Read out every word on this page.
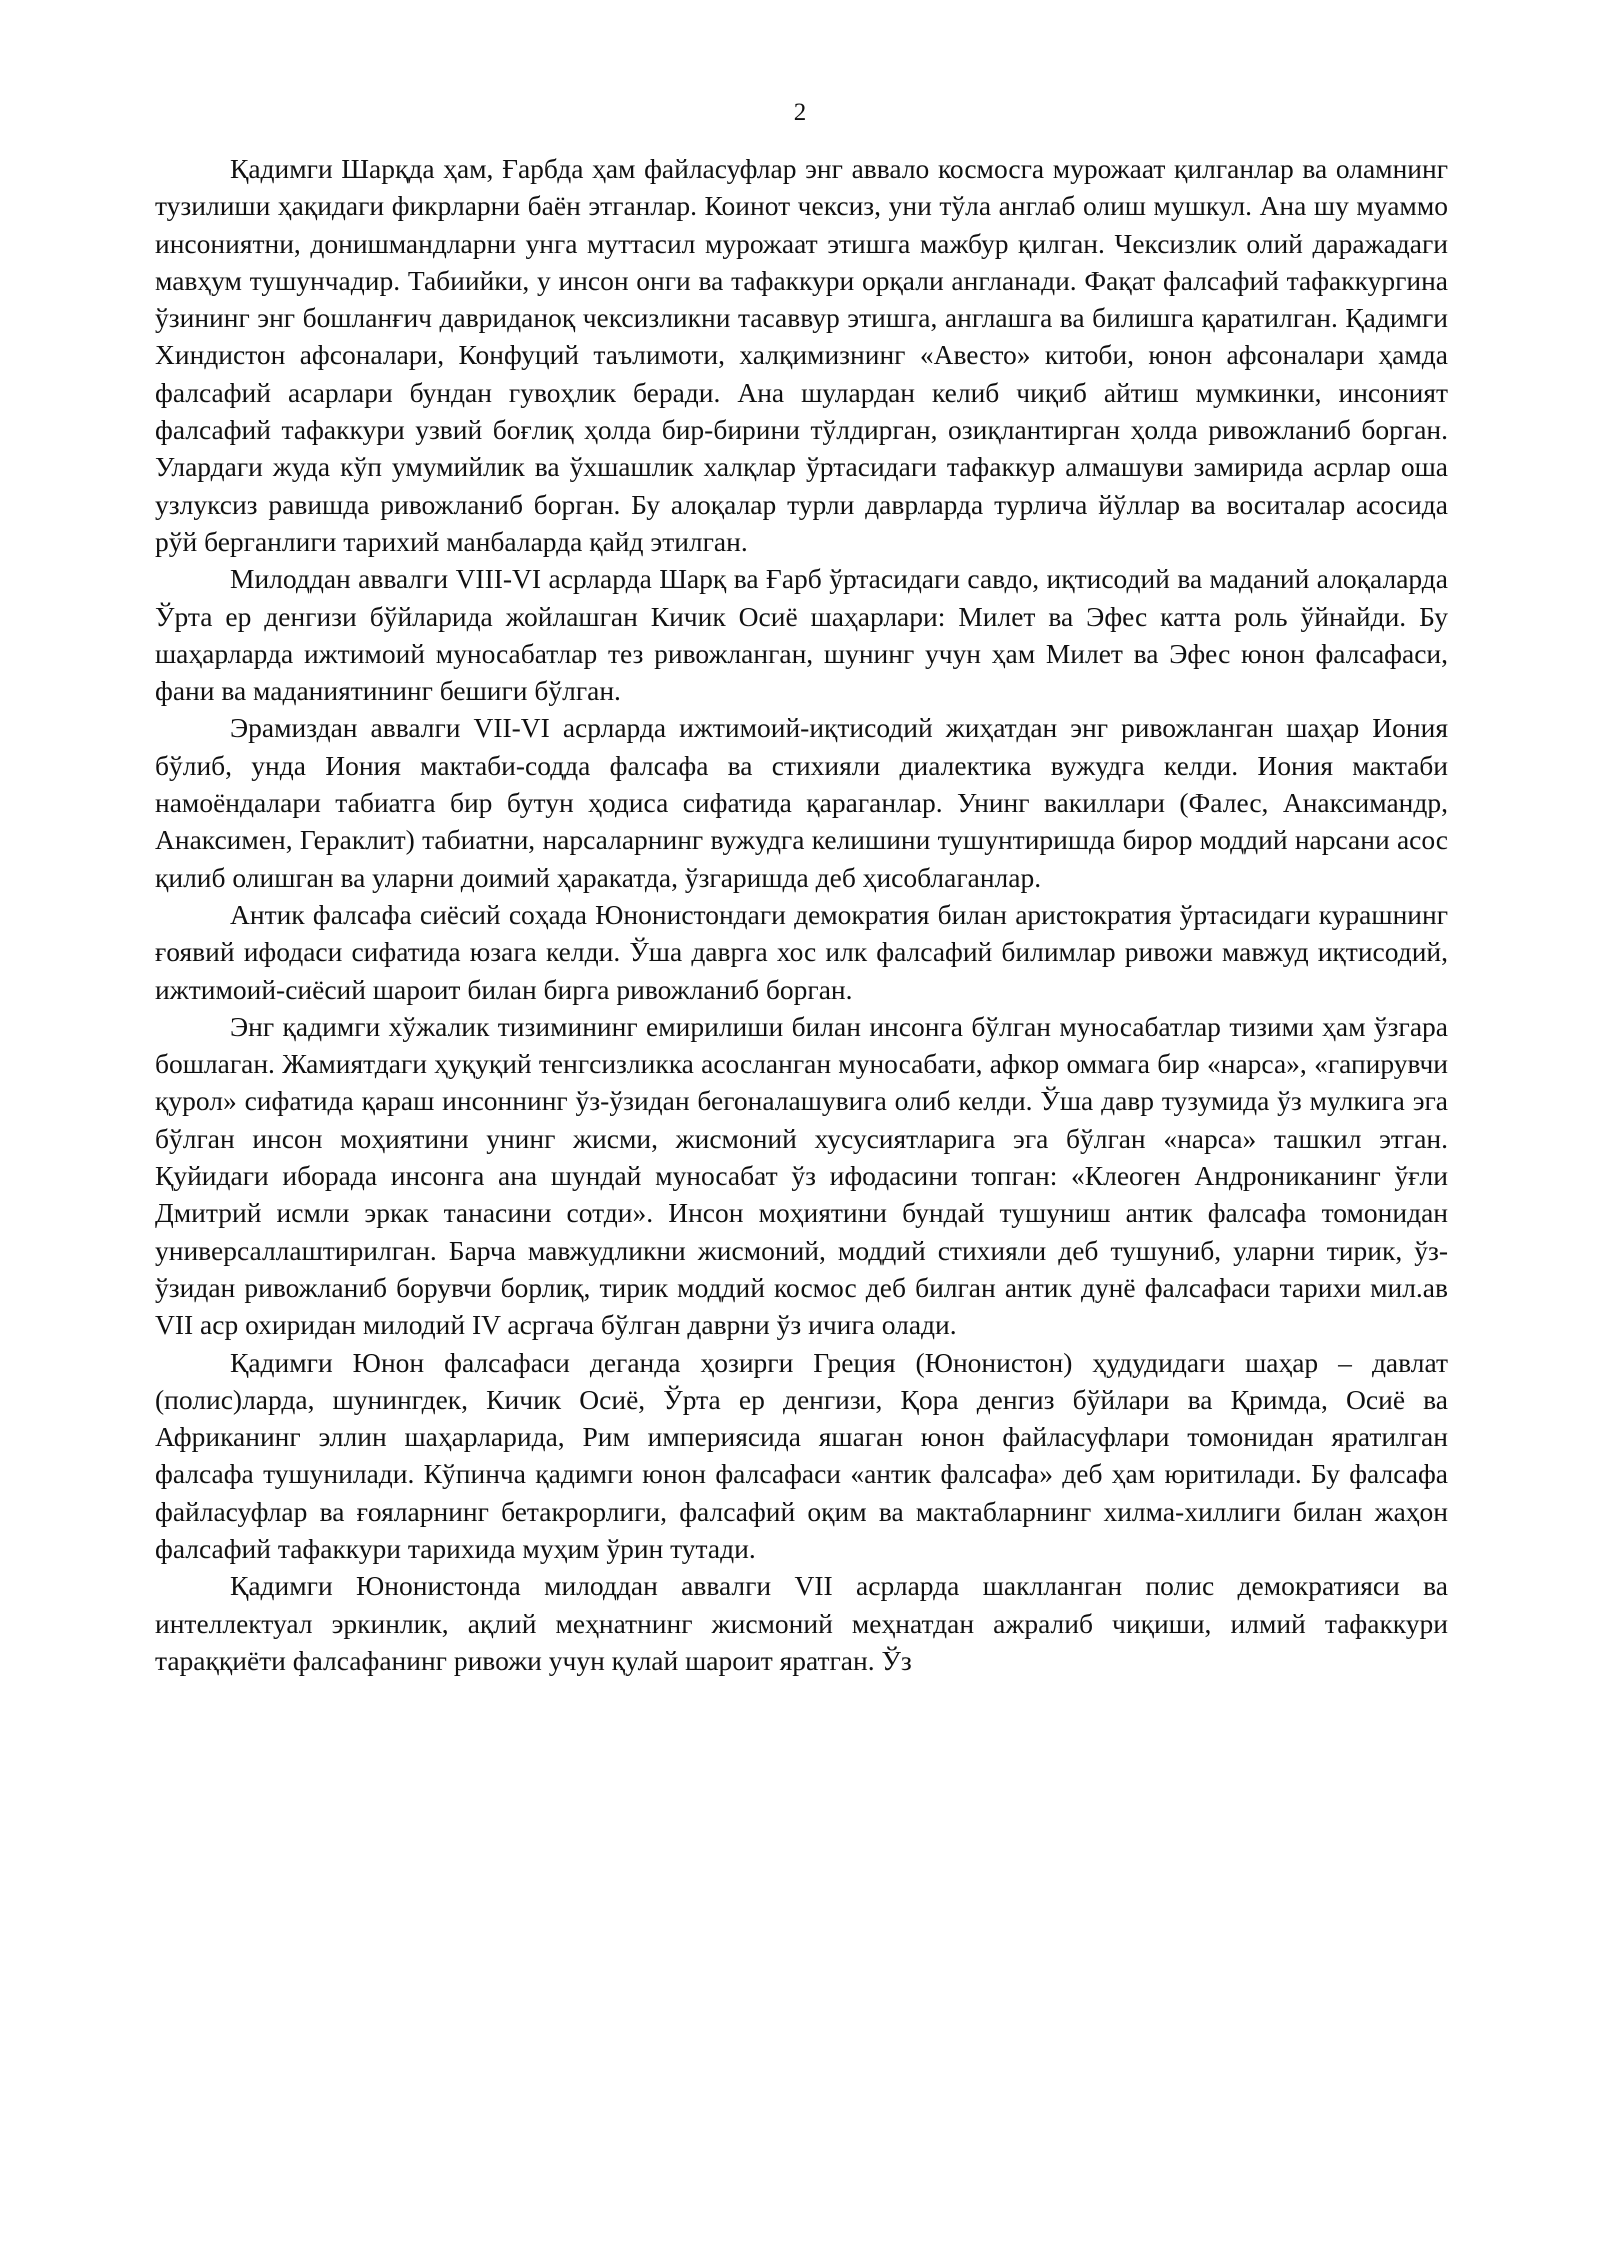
2

Қадимги Шарқда ҳам, Ғарбда ҳам файласуфлар энг аввало космосга мурожаат қилганлар ва оламнинг тузилиши ҳақидаги фикрларни баён этганлар. Коинот чексиз, уни тўла англаб олиш мушкул. Ана шу муаммо инсониятни, донишмандларни унга муттасил мурожаат этишга мажбур қилган. Чексизлик олий даражадаги мавҳум тушунчадир. Табиийки, у инсон онги ва тафаккури орқали англанади. Фақат фалсафий тафаккургина ўзининг энг бошланғич давриданоқ чексизликни тасаввур этишга, англашга ва билишга қаратилган. Қадимги Хиндистон афсоналари, Конфуций таълимоти, халқимизнинг «Авесто» китоби, юнон афсоналари ҳамда фалсафий асарлари бундан гувоҳлик беради. Ана шулардан келиб чиқиб айтиш мумкинки, инсоният фалсафий тафаккури узвий боғлиқ ҳолда бир-бирини тўлдирган, озиқлантирган ҳолда ривожланиб борган. Улардаги жуда кўп умумийлик ва ўхшашлик халқлар ўртасидаги тафаккур алмашуви замирида асрлар оша узлуксиз равишда ривожланиб борган. Бу алоқалар турли даврларда турлича йўллар ва воситалар асосида рўй берганлиги тарихий манбаларда қайд этилган.

Милоддан аввалги VIII-VI асрларда Шарқ ва Ғарб ўртасидаги савдо, иқтисодий ва маданий алоқаларда Ўрта ер денгизи бўйларида жойлашган Кичик Осиё шаҳарлари: Милет ва Эфес катта роль ўйнайди. Бу шаҳарларда ижтимоий муносабатлар тез ривожланган, шунинг учун ҳам Милет ва Эфес юнон фалсафаси, фани ва маданиятининг бешиги бўлган.

Эрамиздан аввалги VII-VI асрларда ижтимоий-иқтисодий жиҳатдан энг ривожланган шаҳар Иония бўлиб, унда Иония мактаби-содда фалсафа ва стихияли диалектика вужудга келди. Иония мактаби намоёндалари табиатга бир бутун ҳодиса сифатида қараганлар. Унинг вакиллари (Фалес, Анаксимандр, Анаксимен, Гераклит) табиатни, нарсаларнинг вужудга келишини тушунтиришда бирор моддий нарсани асос қилиб олишган ва уларни доимий ҳаракатда, ўзгаришда деб ҳисоблаганлар.

Антик фалсафа сиёсий соҳада Юнонистондаги демократия билан аристократия ўртасидаги курашнинг ғоявий ифодаси сифатида юзага келди. Ўша даврга хос илк фалсафий билимлар ривожи мавжуд иқтисодий, ижтимоий-сиёсий шароит билан бирга ривожланиб борган.

Энг қадимги хўжалик тизимининг емирилиши билан инсонга бўлган муносабатлар тизими ҳам ўзгара бошлаган. Жамиятдаги ҳуқуқий тенгсизликка асосланган муносабати, афкор оммага бир «нарса», «гапирувчи қурол» сифатида қараш инсоннинг ўз-ўзидан бегоналашувига олиб келди. Ўша давр тузумида ўз мулкига эга бўлган инсон моҳиятини унинг жисми, жисмоний хусусиятларига эга бўлган «нарса» ташкил этган. Қуйидаги иборада инсонга ана шундай муносабат ўз ифодасини топган: «Клеоген Андроникaнинг ўғли Дмитрий исмли эркак танасини сотди». Инсон моҳиятини бундай тушуниш антик фалсафа томонидан универсаллаштирилган. Барча мавжудликни жисмоний, моддий стихияли деб тушуниб, уларни тирик, ўз-ўзидан ривожланиб борувчи борлиқ, тирик моддий космос деб билган антик дунё фалсафаси тарихи мил.ав VII аср охиридан милодий IV асргача бўлган даврни ўз ичига олади.

Қадимги Юнон фалсафаси деганда ҳозирги Греция (Юнонистон) ҳудудидаги шаҳар – давлат (полис)ларда, шунингдек, Кичик Осиё, Ўрта ер денгизи, Қора денгиз бўйлари ва Қримда, Осиё ва Африканинг эллин шаҳарларида, Рим империясида яшаган юнон файласуфлари томонидан яратилган фалсафа тушунилади. Кўпинча қадимги юнон фалсафаси «антик фалсафа» деб ҳам юритилади. Бу фалсафа файласуфлар ва ғояларнинг бетакрорлиги, фалсафий оқим ва мактабларнинг хилма-хиллиги билан жаҳон фалсафий тафаккури тарихида муҳим ўрин тутади.

Қадимги Юнонистонда милоддан аввалги VII асрларда шаклланган полис демократияси ва интеллектуал эркинлик, ақлий меҳнатнинг жисмоний меҳнатдан ажралиб чиқиши, илмий тафаккури тараққиёти фалсафанинг ривожи учун қулай шароит яратган. Ўз
